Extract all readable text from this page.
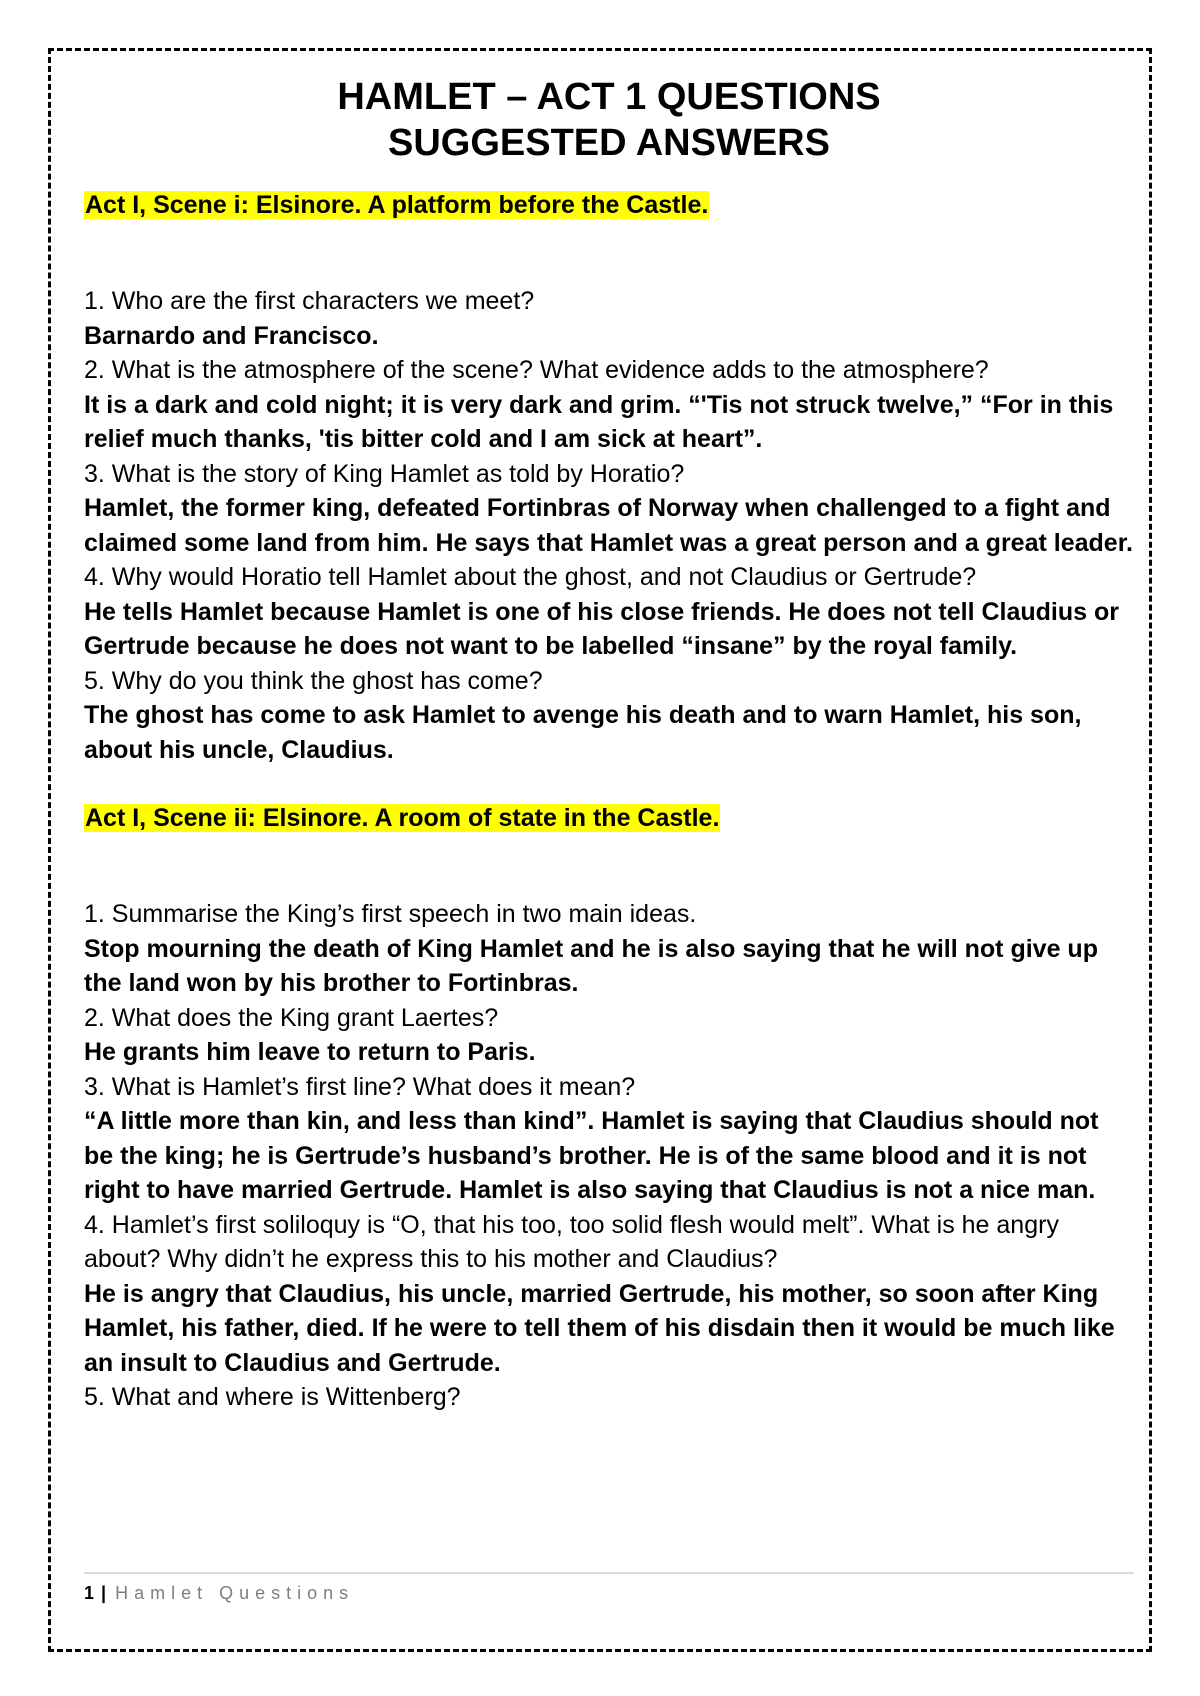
HAMLET – ACT 1 QUESTIONS
SUGGESTED ANSWERS
Act I, Scene i: Elsinore. A platform before the Castle.

1. Who are the first characters we meet?

Barnardo and Francisco.

2. What is the atmosphere of the scene? What evidence adds to the atmosphere?

It is a dark and cold night; it is very dark and grim. “'Tis not struck twelve,” “For in this relief much thanks, 'tis bitter cold and I am sick at heart”.

3. What is the story of King Hamlet as told by Horatio?

Hamlet, the former king, defeated Fortinbras of Norway when challenged to a fight and claimed some land from him. He says that Hamlet was a great person and a great leader.

4. Why would Horatio tell Hamlet about the ghost, and not Claudius or Gertrude?

He tells Hamlet because Hamlet is one of his close friends. He does not tell Claudius or Gertrude because he does not want to be labelled “insane” by the royal family.

5. Why do you think the ghost has come?

The ghost has come to ask Hamlet to avenge his death and to warn Hamlet, his son, about his uncle, Claudius.

Act I, Scene ii: Elsinore. A room of state in the Castle.

1. Summarise the King’s first speech in two main ideas.

Stop mourning the death of King Hamlet and he is also saying that he will not give up the land won by his brother to Fortinbras.

2. What does the King grant Laertes?

He grants him leave to return to Paris.

3. What is Hamlet’s first line? What does it mean?

“A little more than kin, and less than kind”. Hamlet is saying that Claudius should not be the king; he is Gertrude’s husband’s brother. He is of the same blood and it is not right to have married Gertrude. Hamlet is also saying that Claudius is not a nice man.

4. Hamlet’s first soliloquy is “O, that his too, too solid flesh would melt”. What is he angry about? Why didn’t he express this to his mother and Claudius?

He is angry that Claudius, his uncle, married Gertrude, his mother, so soon after King Hamlet, his father, died. If he were to tell them of his disdain then it would be much like an insult to Claudius and Gertrude.

5. What and where is Wittenberg?

1 | Hamlet Questions
